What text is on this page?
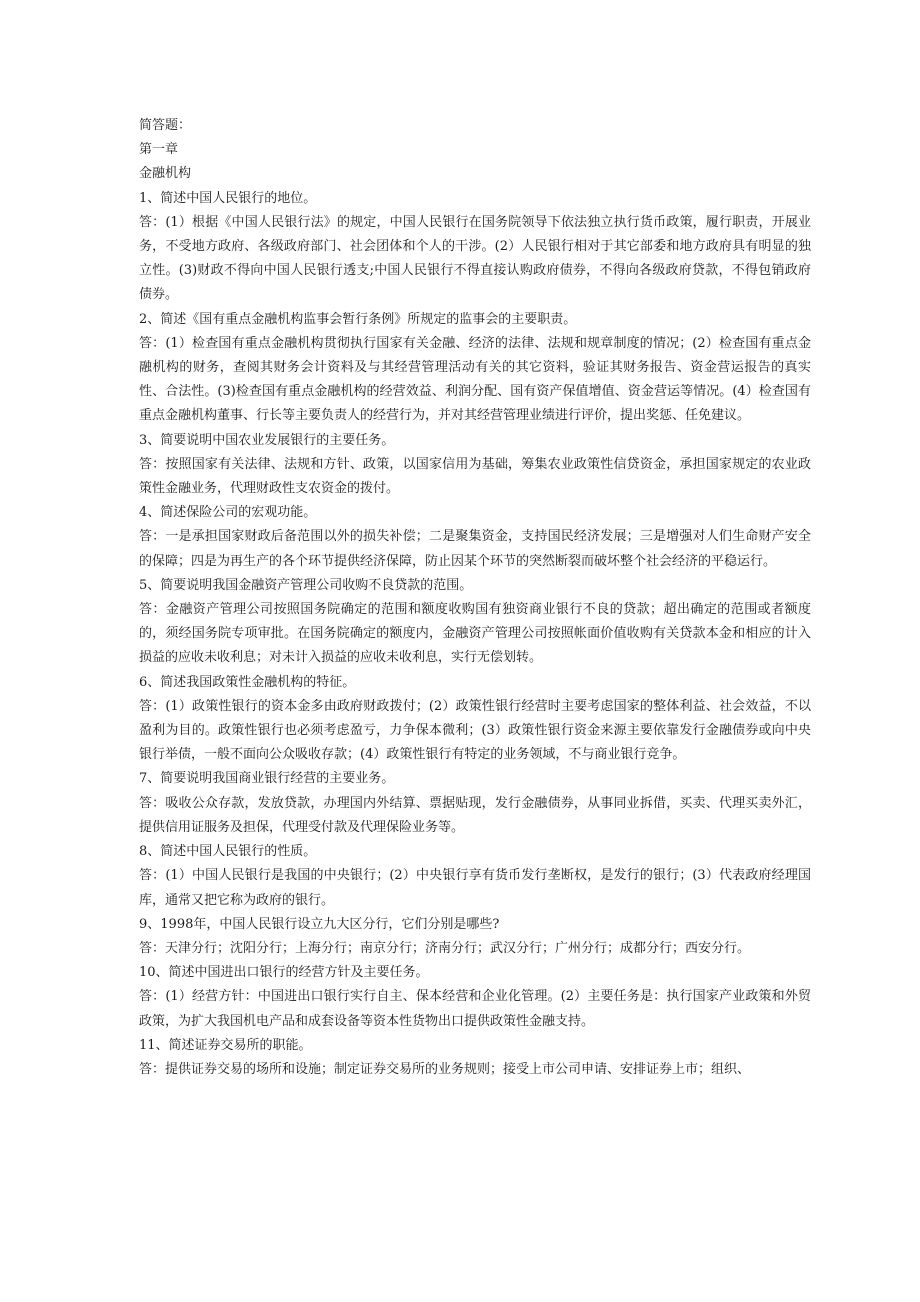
简答题：
第一章
金融机构
1、简述中国人民银行的地位。
答：(1）根据《中国人民银行法》的规定，中国人民银行在国务院领导下依法独立执行货币政策，履行职责，开展业务，不受地方政府、各级政府部门、社会团体和个人的干涉。(2）人民银行相对于其它部委和地方政府具有明显的独立性。(3)财政不得向中国人民银行透支;中国人民银行不得直接认购政府债券，不得向各级政府贷款，不得包销政府债券。
2、简述《国有重点金融机构监事会暂行条例》所规定的监事会的主要职责。
答：(1）检查国有重点金融机构贯彻执行国家有关金融、经济的法律、法规和规章制度的情况；(2）检查国有重点金融机构的财务，查阅其财务会计资料及与其经营管理活动有关的其它资料，验证其财务报告、资金营运报告的真实性、合法性。(3)检查国有重点金融机构的经营效益、利润分配、国有资产保值增值、资金营运等情况。(4）检查国有重点金融机构董事、行长等主要负责人的经营行为，并对其经营管理业绩进行评价，提出奖惩、任免建议。
3、简要说明中国农业发展银行的主要任务。
答：按照国家有关法律、法规和方针、政策，以国家信用为基础，筹集农业政策性信贷资金，承担国家规定的农业政策性金融业务，代理财政性支农资金的拨付。
4、简述保险公司的宏观功能。
答：一是承担国家财政后备范围以外的损失补偿；二是聚集资金，支持国民经济发展；三是增强对人们生命财产安全的保障；四是为再生产的各个环节提供经济保障，防止因某个环节的突然断裂而破坏整个社会经济的平稳运行。
5、简要说明我国金融资产管理公司收购不良贷款的范围。
答：金融资产管理公司按照国务院确定的范围和额度收购国有独资商业银行不良的贷款；超出确定的范围或者额度的，须经国务院专项审批。在国务院确定的额度内，金融资产管理公司按照帐面价值收购有关贷款本金和相应的计入损益的应收未收利息；对未计入损益的应收未收利息，实行无偿划转。
6、简述我国政策性金融机构的特征。
答：(1）政策性银行的资本金多由政府财政拨付；(2）政策性银行经营时主要考虑国家的整体利益、社会效益，不以盈利为目的。政策性银行也必须考虑盈亏，力争保本微利；(3）政策性银行资金来源主要依靠发行金融债券或向中央银行举债，一般不面向公众吸收存款；(4）政策性银行有特定的业务领域，不与商业银行竞争。
7、简要说明我国商业银行经营的主要业务。
答：吸收公众存款，发放贷款，办理国内外结算、票据贴现，发行金融债券，从事同业拆借，买卖、代理买卖外汇，提供信用证服务及担保，代理受付款及代理保险业务等。
8、简述中国人民银行的性质。
答：(1）中国人民银行是我国的中央银行；(2）中央银行享有货币发行垄断权，是发行的银行；(3）代表政府经理国库，通常又把它称为政府的银行。
9、1998年，中国人民银行设立九大区分行，它们分别是哪些?
答：天津分行；沈阳分行；上海分行；南京分行；济南分行；武汉分行；广州分行；成都分行；西安分行。
10、简述中国进出口银行的经营方针及主要任务。
答：(1）经营方针：中国进出口银行实行自主、保本经营和企业化管理。(2）主要任务是：执行国家产业政策和外贸政策，为扩大我国机电产品和成套设备等资本性货物出口提供政策性金融支持。
11、简述证券交易所的职能。
答：提供证券交易的场所和设施；制定证券交易所的业务规则；接受上市公司申请、安排证券上市；组织、
